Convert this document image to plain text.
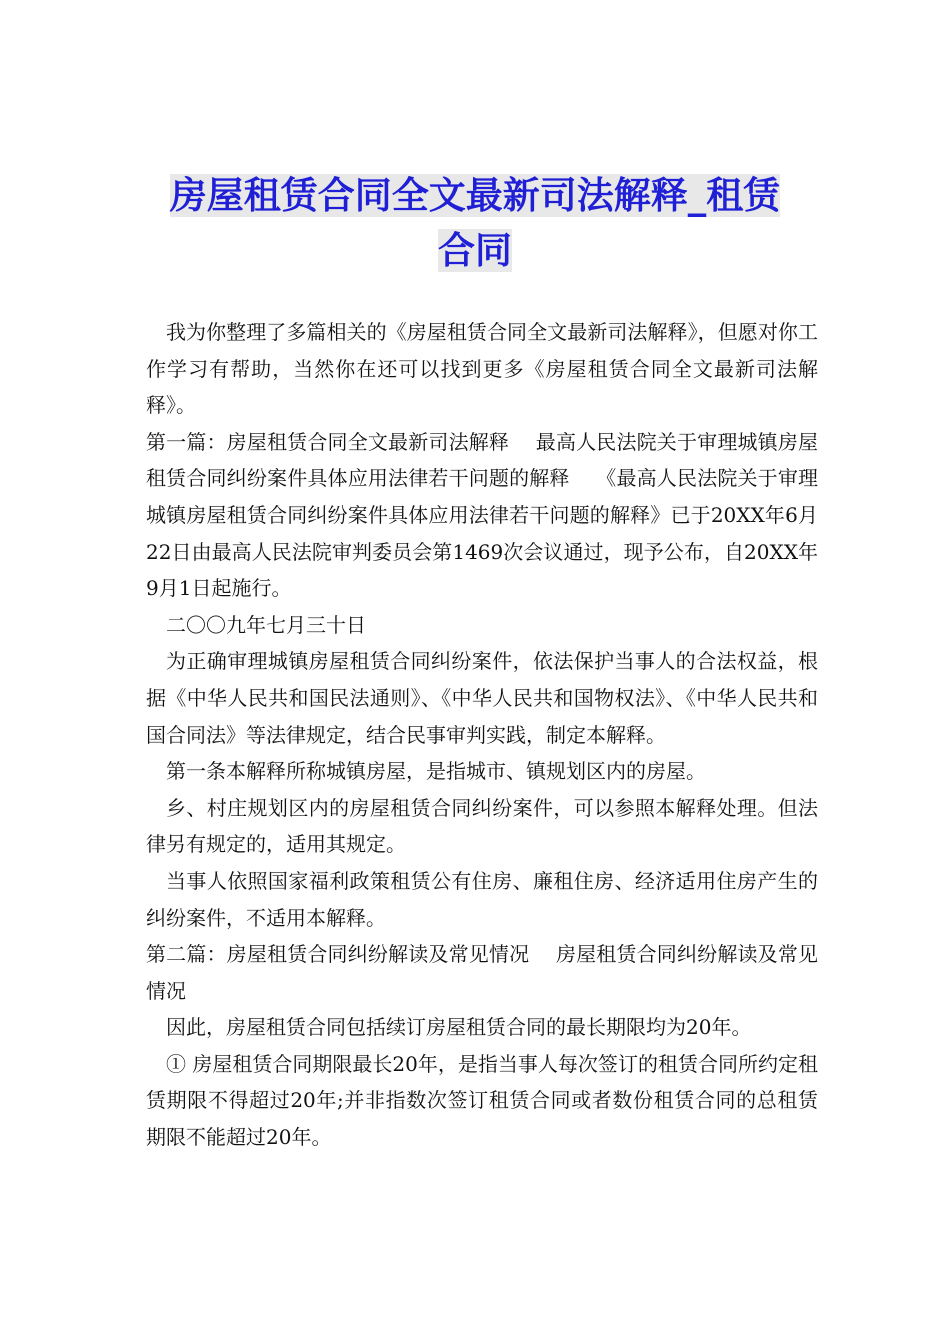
房屋租赁合同全文最新司法解释_租赁
合同

我为你整理了多篇相关的《房屋租赁合同全文最新司法解释》，但愿对你工作学习有帮助，当然你在还可以找到更多《房屋租赁合同全文最新司法解释》。

第一篇：房屋租赁合同全文最新司法解释　 最高人民法院关于审理城镇房屋租赁合同纠纷案件具体应用法律若干问题的解释　 《最高人民法院关于审理城镇房屋租赁合同纠纷案件具体应用法律若干问题的解释》已于20XX年6月22日由最高人民法院审判委员会第1469次会议通过，现予公布，自20XX年9月1日起施行。

二〇〇九年七月三十日

为正确审理城镇房屋租赁合同纠纷案件，依法保护当事人的合法权益，根据《中华人民共和国民法通则》、《中华人民共和国物权法》、《中华人民共和国合同法》等法律规定，结合民事审判实践，制定本解释。

第一条本解释所称城镇房屋，是指城市、镇规划区内的房屋。

乡、村庄规划区内的房屋租赁合同纠纷案件，可以参照本解释处理。但法律另有规定的，适用其规定。

当事人依照国家福利政策租赁公有住房、廉租住房、经济适用住房产生的纠纷案件，不适用本解释。

第二篇：房屋租赁合同纠纷解读及常见情况　 房屋租赁合同纠纷解读及常见情况

因此，房屋租赁合同包括续订房屋租赁合同的最长期限均为20年。

① 房屋租赁合同期限最长20年，是指当事人每次签订的租赁合同所约定租赁期限不得超过20年;并非指数次签订租赁合同或者数份租赁合同的总租赁期限不能超过20年。
